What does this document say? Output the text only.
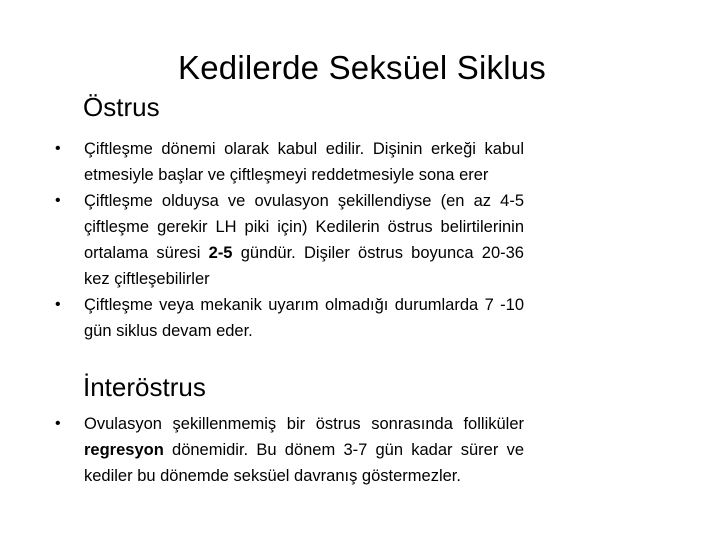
Kedilerde Seksüel Siklus
Östrus
• Çiftleşme dönemi olarak kabul edilir. Dişinin erkeği kabul etmesiyle başlar ve çiftleşmeyi reddetmesiyle sona erer
• Çiftleşme olduysa ve ovulasyon şekillendiyse (en az 4-5 çiftleşme gerekir LH piki için) Kedilerin östrus belirtilerinin ortalama süresi 2-5 gündür. Dişiler östrus boyunca 20-36 kez çiftleşebilirler
• Çiftleşme veya mekanik uyarım olmadığı durumlarda 7 -10 gün siklus devam eder.
İnteröstrus
• Ovulasyon şekillenmemiş bir östrus sonrasında folliküler regresyon dönemidir. Bu dönem 3-7 gün kadar sürer ve kediler bu dönemde seksüel davranış göstermezler.
